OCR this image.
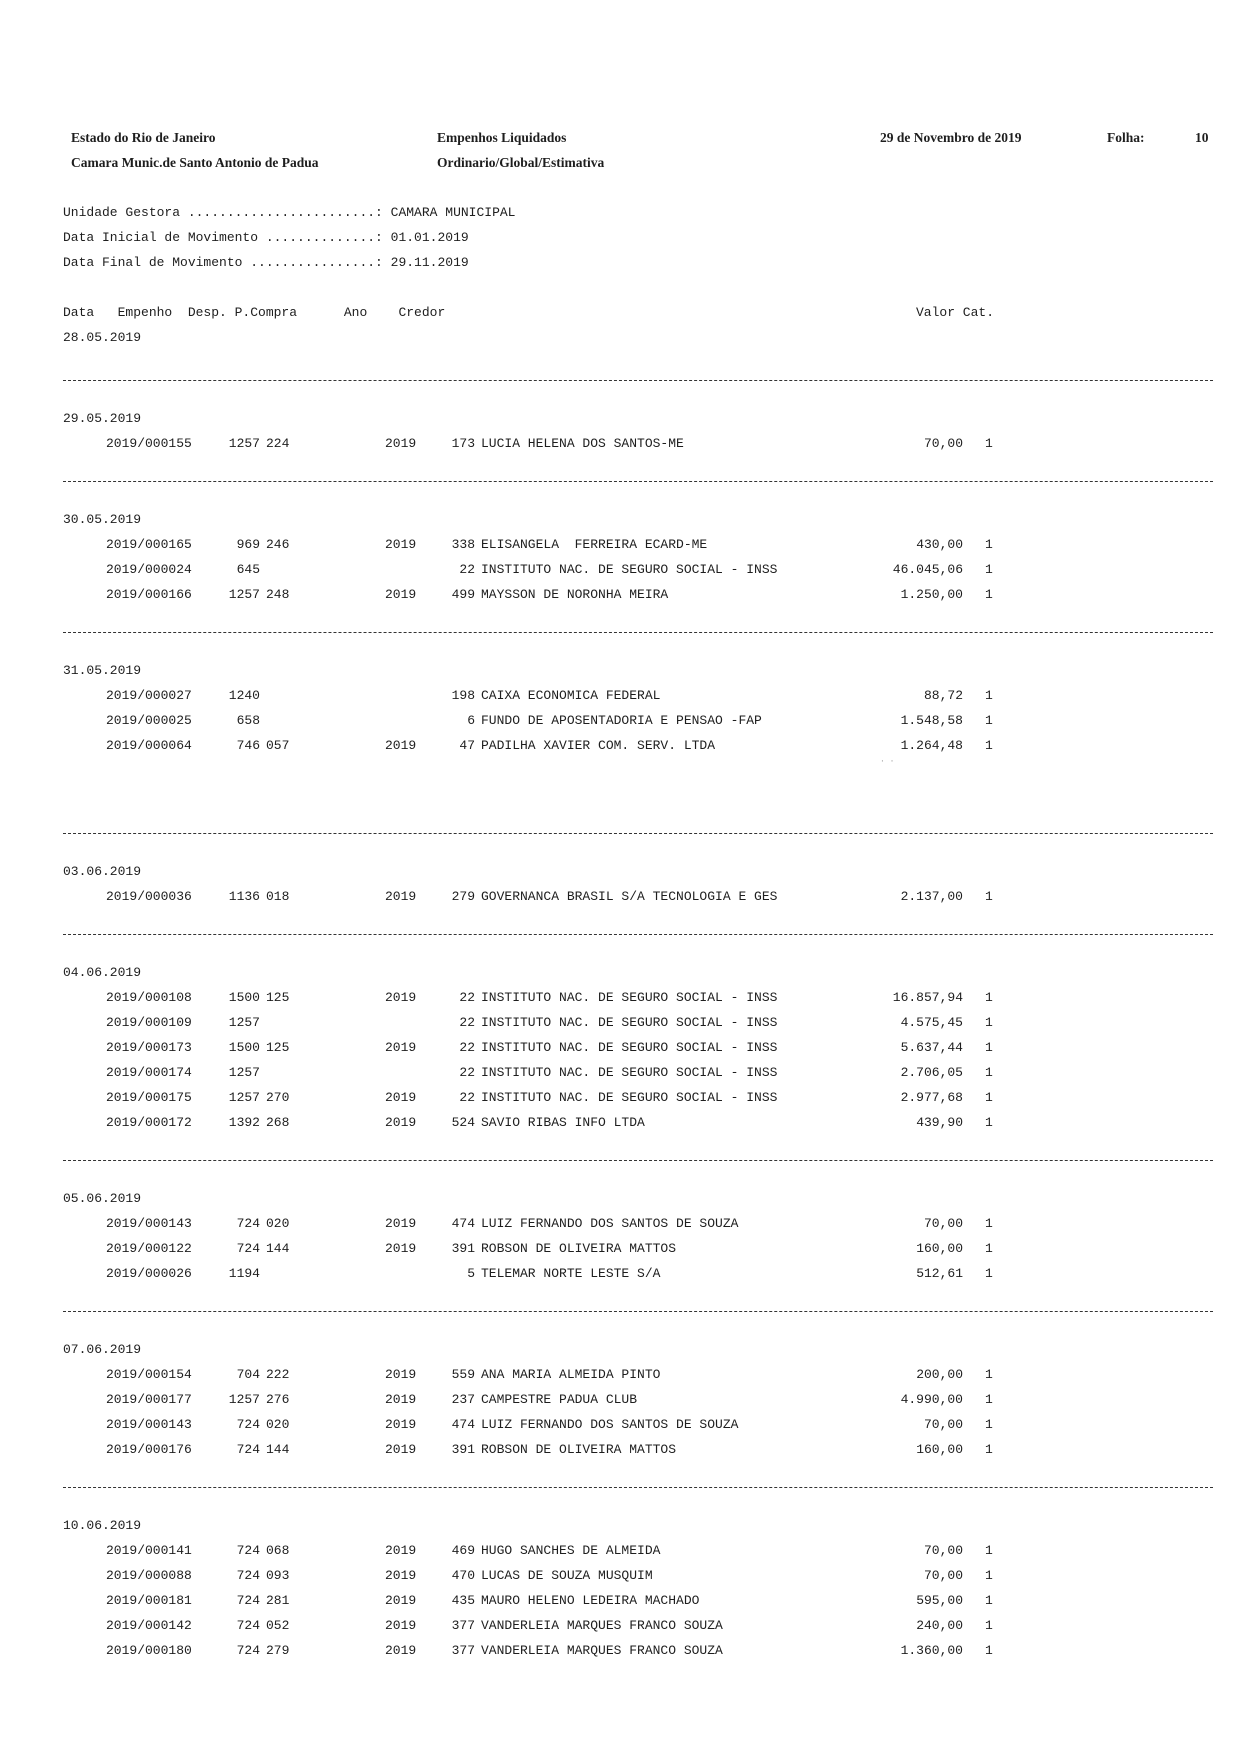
Estado do Rio de Janeiro
Camara Munic.de Santo Antonio de Padua
Empenhos Liquidados
Ordinario/Global/Estimativa
29 de Novembro de 2019	Folha:	10
Unidade Gestora ........................: CAMARA MUNICIPAL
Data Inicial de Movimento ..............: 01.01.2019
Data Final de Movimento ................: 29.11.2019
Data   Empenho  Desp. P.Compra      Ano    Credor	Valor Cat.
28.05.2019
29.05.2019
2019/000155	1257 224	2019	173 LUCIA HELENA DOS SANTOS-ME	70,00 1
30.05.2019
2019/000165	969 246	2019	338 ELISANGELA  FERREIRA ECARD-ME	430,00 1
2019/000024	645	22 INSTITUTO NAC. DE SEGURO SOCIAL - INSS	46.045,06 1
2019/000166	1257 248	2019	499 MAYSSON DE NORONHA MEIRA	1.250,00 1
31.05.2019
2019/000027	1240	198 CAIXA ECONOMICA FEDERAL	88,72 1
2019/000025	658	6 FUNDO DE APOSENTADORIA E PENSAO -FAP	1.548,58 1
2019/000064	746 057	2019	47 PADILHA XAVIER COM. SERV. LTDA	1.264,48 1
03.06.2019
2019/000036	1136 018	2019	279 GOVERNANCA BRASIL S/A TECNOLOGIA E GES	2.137,00 1
04.06.2019
2019/000108	1500 125	2019	22 INSTITUTO NAC. DE SEGURO SOCIAL - INSS	16.857,94 1
2019/000109	1257	22 INSTITUTO NAC. DE SEGURO SOCIAL - INSS	4.575,45 1
2019/000173	1500 125	2019	22 INSTITUTO NAC. DE SEGURO SOCIAL - INSS	5.637,44 1
2019/000174	1257	22 INSTITUTO NAC. DE SEGURO SOCIAL - INSS	2.706,05 1
2019/000175	1257 270	2019	22 INSTITUTO NAC. DE SEGURO SOCIAL - INSS	2.977,68 1
2019/000172	1392 268	2019	524 SAVIO RIBAS INFO LTDA	439,90 1
05.06.2019
2019/000143	724 020	2019	474 LUIZ FERNANDO DOS SANTOS DE SOUZA	70,00 1
2019/000122	724 144	2019	391 ROBSON DE OLIVEIRA MATTOS	160,00 1
2019/000026	1194	5 TELEMAR NORTE LESTE S/A	512,61 1
07.06.2019
2019/000154	704 222	2019	559 ANA MARIA ALMEIDA PINTO	200,00 1
2019/000177	1257 276	2019	237 CAMPESTRE PADUA CLUB	4.990,00 1
2019/000143	724 020	2019	474 LUIZ FERNANDO DOS SANTOS DE SOUZA	70,00 1
2019/000176	724 144	2019	391 ROBSON DE OLIVEIRA MATTOS	160,00 1
10.06.2019
2019/000141	724 068	2019	469 HUGO SANCHES DE ALMEIDA	70,00 1
2019/000088	724 093	2019	470 LUCAS DE SOUZA MUSQUIM	70,00 1
2019/000181	724 281	2019	435 MAURO HELENO LEDEIRA MACHADO	595,00 1
2019/000142	724 052	2019	377 VANDERLEIA MARQUES FRANCO SOUZA	240,00 1
2019/000180	724 279	2019	377 VANDERLEIA MARQUES FRANCO SOUZA	1.360,00 1
· ·
